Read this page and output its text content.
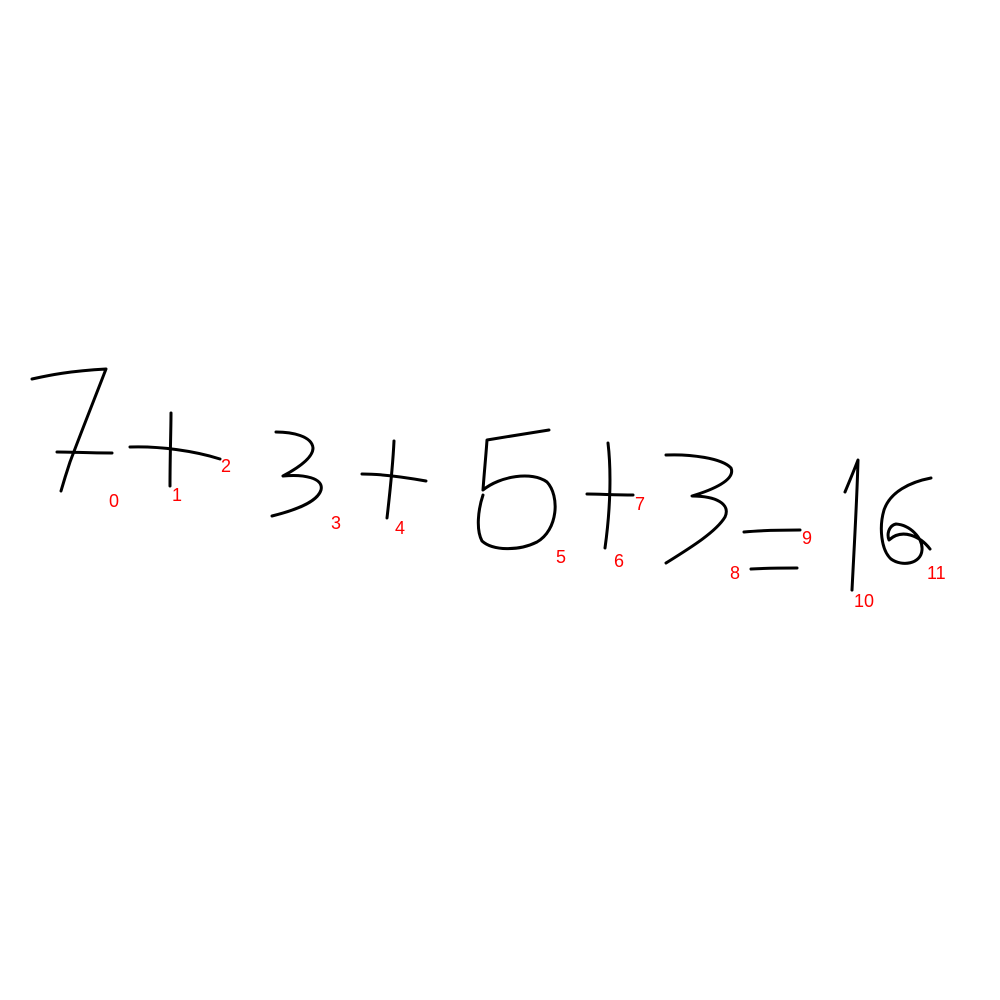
0	1
2
3	4
5	6
7
8
9
10
11
